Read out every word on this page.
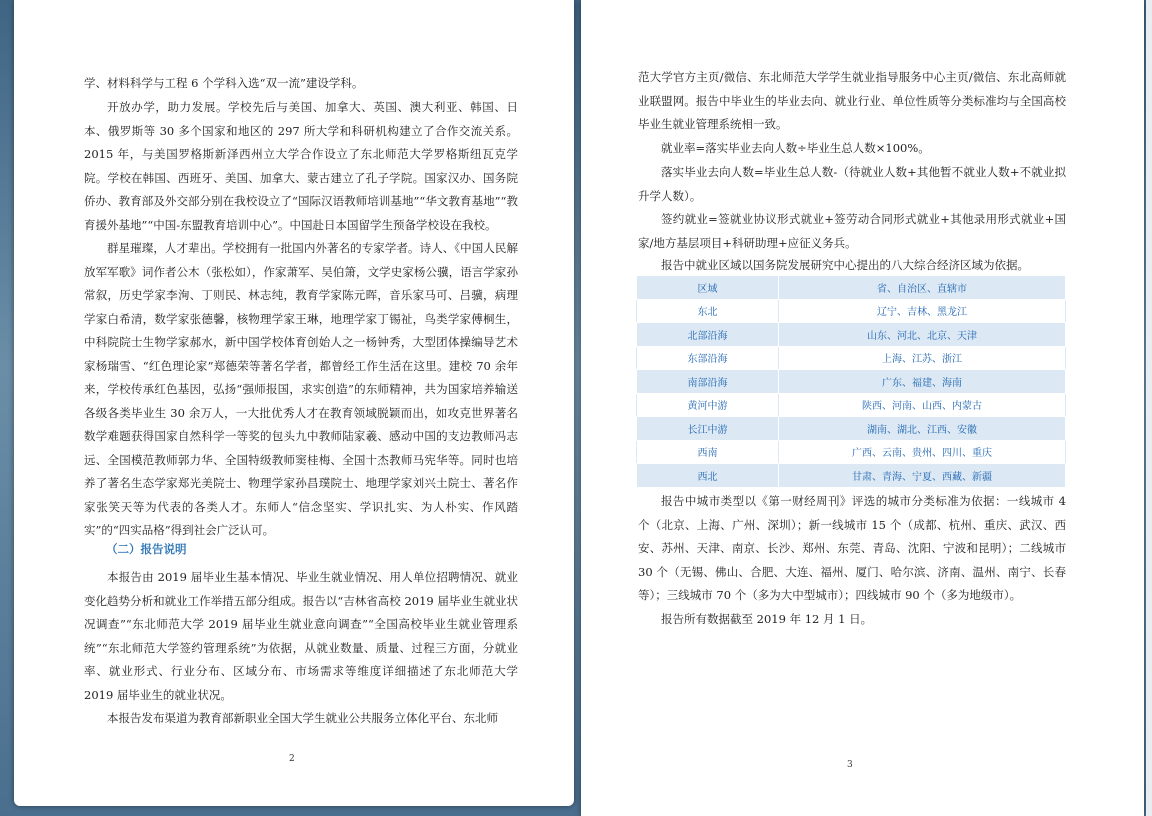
学、材料科学与工程 6 个学科入选“双一流”建设学科。

开放办学，助力发展。学校先后与美国、加拿大、英国、澳大利亚、韩国、日本、俄罗斯等 30 多个国家和地区的 297 所大学和科研机构建立了合作交流关系。2015 年，与美国罗格斯新泽西州立大学合作设立了东北师范大学罗格斯纽瓦克学院。学校在韩国、西班牙、美国、加拿大、蒙古建立了孔子学院。国家汉办、国务院侨办、教育部及外交部分别在我校设立了“国际汉语教师培训基地”“华文教育基地”“教育援外基地”“中国-东盟教育培训中心”。中国赴日本国留学生预备学校设在我校。

群星璀璨，人才辈出。学校拥有一批国内外著名的专家学者。诗人、《中国人民解放军军歌》词作者公木（张松如），作家萧军、吴伯箫，文学史家杨公骥，语言学家孙常叙，历史学家李洵、丁则民、林志纯，教育学家陈元晖，音乐家马可、吕骥，病理学家白希清，数学家张德馨，核物理学家王琳，地理学家丁锡祉，鸟类学家傅桐生，中科院院士生物学家郝水，新中国学校体育创始人之一杨钟秀，大型团体操编导艺术家杨瑞雪、“红色理论家”郑德荣等著名学者，都曾经工作生活在这里。建校 70 余年来，学校传承红色基因，弘扬“强师报国，求实创造”的东师精神，共为国家培养输送各级各类毕业生 30 余万人，一大批优秀人才在教育领域脱颖而出，如攻克世界著名数学难题获得国家自然科学一等奖的包头九中教师陆家羲、感动中国的支边教师冯志远、全国模范教师郭力华、全国特级教师窦桂梅、全国十杰教师马宪华等。同时也培养了著名生态学家郑光美院士、物理学家孙昌璞院士、地理学家刘兴土院士、著名作家张笑天等为代表的各类人才。东师人“信念坚实、学识扎实、为人朴实、作风踏实”的“四实品格”得到社会广泛认可。

（二）报告说明

本报告由 2019 届毕业生基本情况、毕业生就业情况、用人单位招聘情况、就业变化趋势分析和就业工作举措五部分组成。报告以“吉林省高校 2019 届毕业生就业状况调查”“东北师范大学 2019 届毕业生就业意向调查”“全国高校毕业生就业管理系统”“东北师范大学签约管理系统”为依据，从就业数量、质量、过程三方面，分就业率、就业形式、行业分布、区域分布、市场需求等维度详细描述了东北师范大学 2019 届毕业生的就业状况。

本报告发布渠道为教育部新职业全国大学生就业公共服务立体化平台、东北师

2

范大学官方主页/微信、东北师范大学学生就业指导服务中心主页/微信、东北高师就业联盟网。报告中毕业生的毕业去向、就业行业、单位性质等分类标准均与全国高校毕业生就业管理系统相一致。

就业率=落实毕业去向人数÷毕业生总人数×100%。

落实毕业去向人数=毕业生总人数-（待就业人数+其他暂不就业人数+不就业拟升学人数）。

签约就业=签就业协议形式就业+签劳动合同形式就业+其他录用形式就业+国家/地方基层项目+科研助理+应征义务兵。

报告中就业区域以国务院发展研究中心提出的八大综合经济区域为依据。

区域	省、自治区、直辖市
东北	辽宁、吉林、黑龙江
北部沿海	山东、河北、北京、天津
东部沿海	上海、江苏、浙江
南部沿海	广东、福建、海南
黄河中游	陕西、河南、山西、内蒙古
长江中游	湖南、湖北、江西、安徽
西南	广西、云南、贵州、四川、重庆
西北	甘肃、青海、宁夏、西藏、新疆

报告中城市类型以《第一财经周刊》评选的城市分类标准为依据：一线城市 4 个（北京、上海、广州、深圳）；新一线城市 15 个（成都、杭州、重庆、武汉、西安、苏州、天津、南京、长沙、郑州、东莞、青岛、沈阳、宁波和昆明）；二线城市 30 个（无锡、佛山、合肥、大连、福州、厦门、哈尔滨、济南、温州、南宁、长春等）；三线城市 70 个（多为大中型城市）；四线城市 90 个（多为地级市）。

报告所有数据截至 2019 年 12 月 1 日。

3
